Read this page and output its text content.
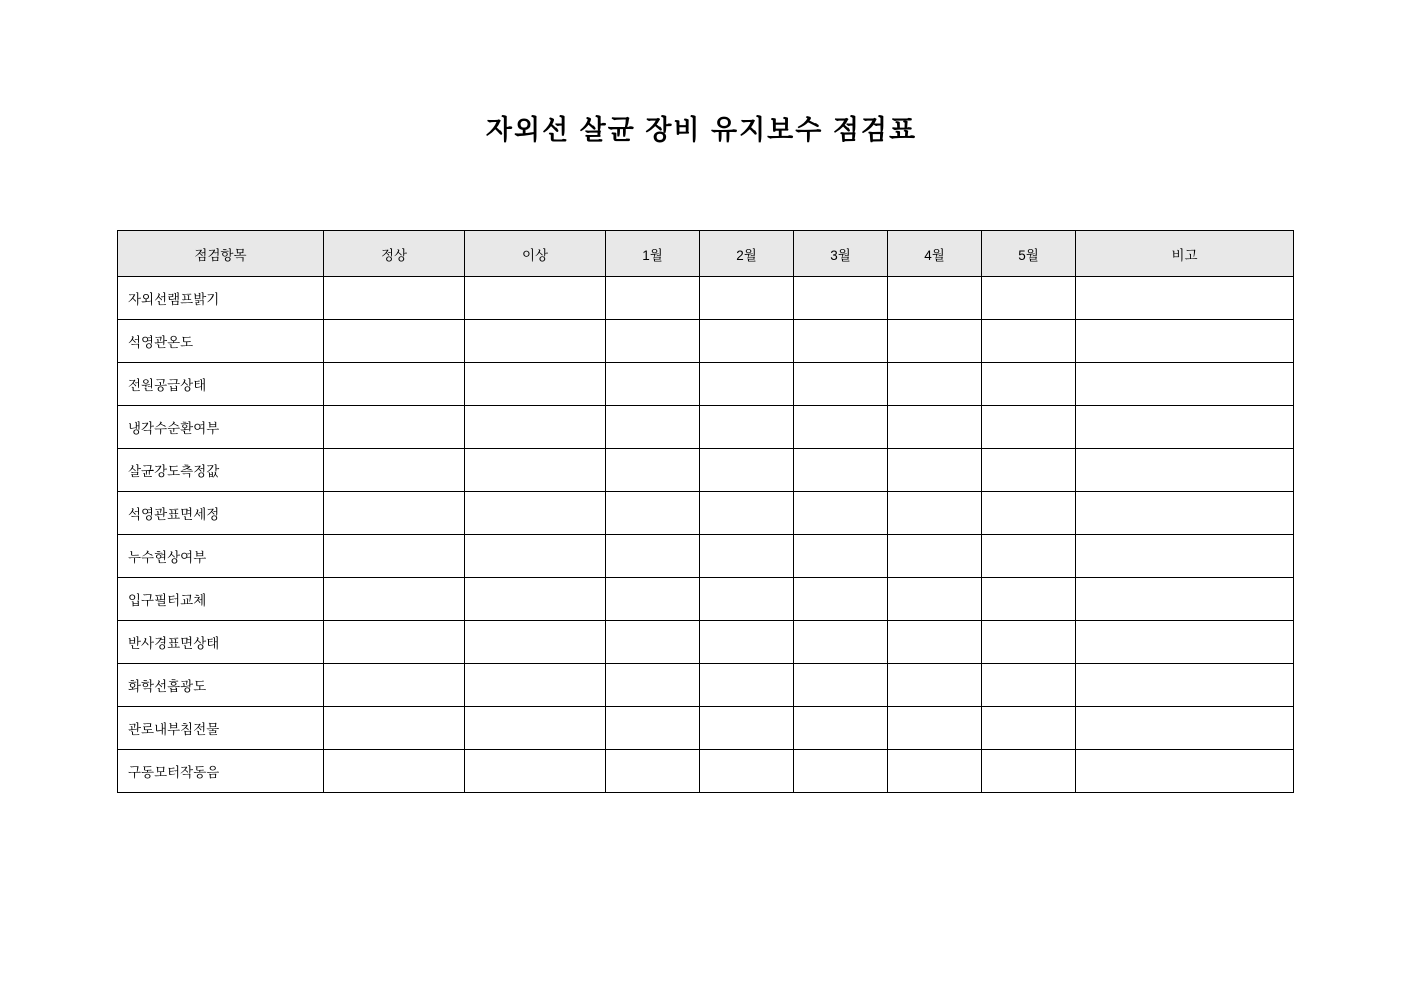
자외선 살균 장비 유지보수 점검표
점검항목	정상	이상	1월	2월	3월	4월	5월	비고
자외선램프밝기								
석영관온도								
전원공급상태								
냉각수순환여부								
살균강도측정값								
석영관표면세정								
누수현상여부								
입구필터교체								
반사경표면상태								
화학선흡광도								
관로내부침전물								
구동모터작동음								
